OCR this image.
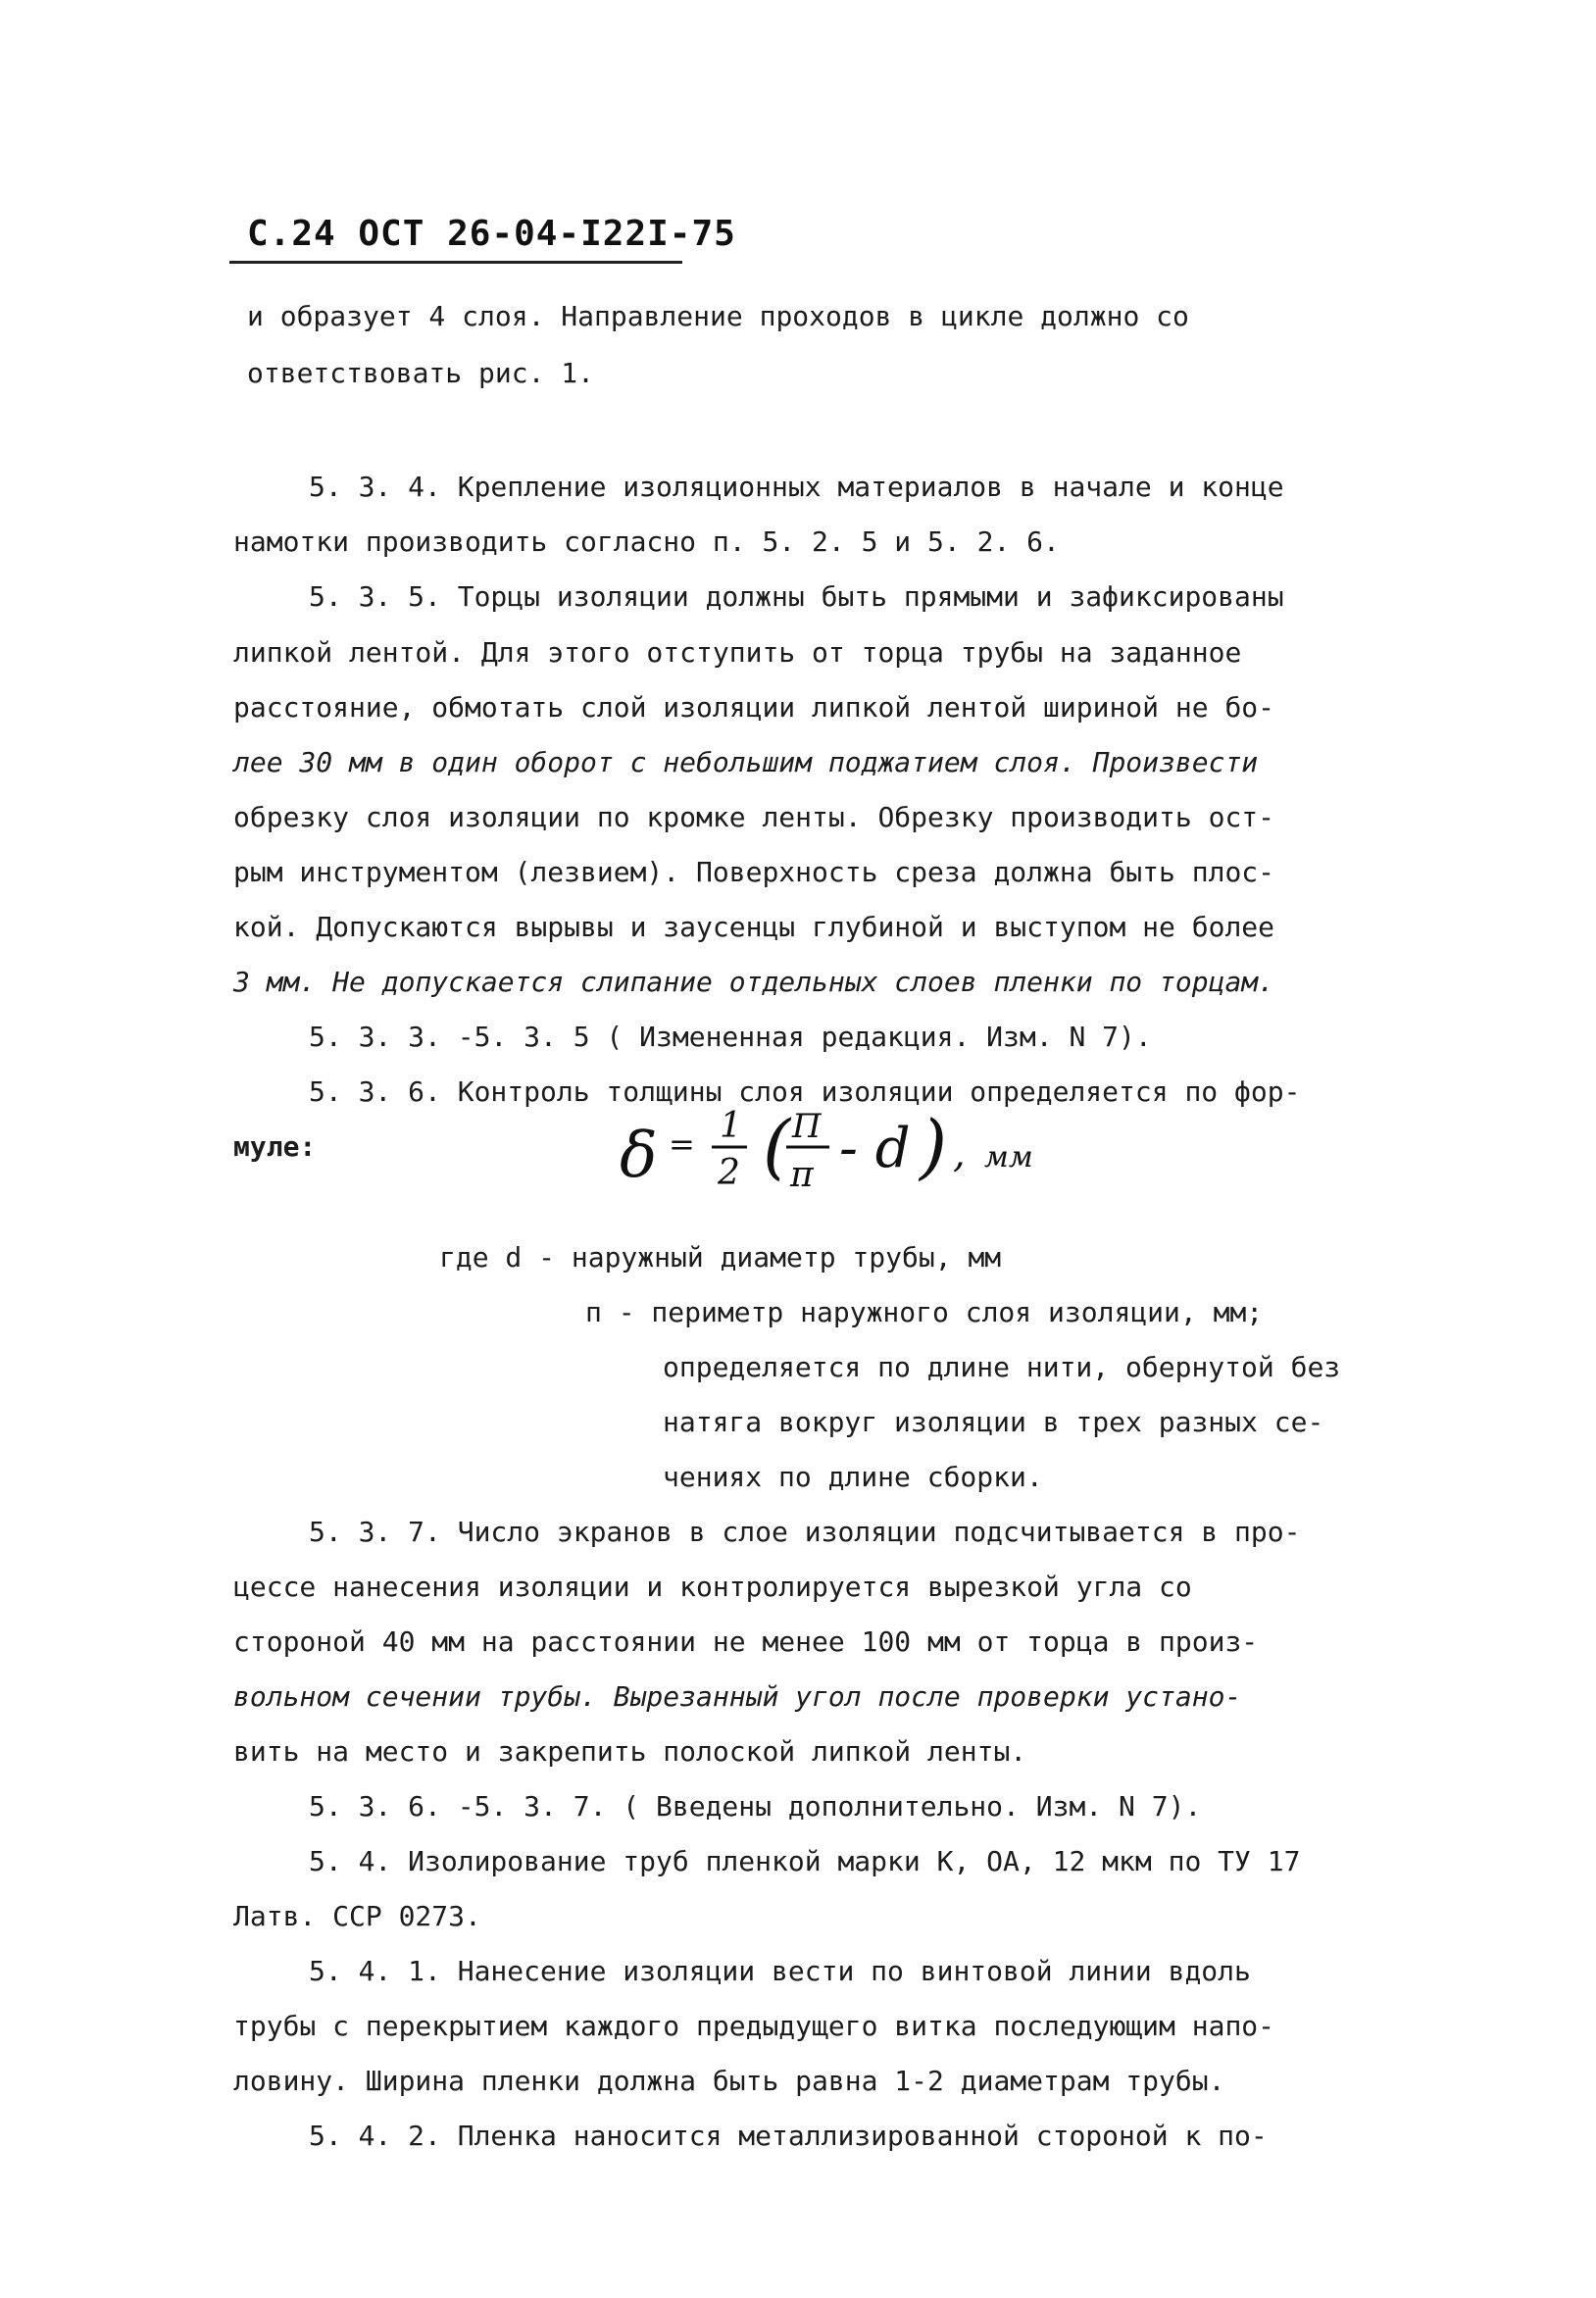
С.24 ОСТ 26-04-I22I-75
и образует 4 слоя. Направление проходов в цикле должно со
ответствовать рис. 1.
5. 3. 4. Крепление изоляционных материалов в начале и конце
намотки производить согласно п. 5. 2. 5 и 5. 2. 6.
5. 3. 5. Торцы изоляции должны быть прямыми и зафиксированы
липкой лентой. Для этого отступить от торца трубы на заданное
расстояние, обмотать слой изоляции липкой лентой шириной не бо-
лее 30 мм в один оборот с небольшим поджатием слоя. Произвести
обрезку слоя изоляции по кромке ленты. Обрезку производить ост-
рым инструментом (лезвием). Поверхность среза должна быть плос-
кой. Допускаются вырывы и заусенцы глубиной и выступом не более
3 мм. Не допускается слипание отдельных слоев пленки по торцам.
5. 3. 3. -5. 3. 5 ( Измененная редакция. Изм. N 7).
5. 3. 6. Контроль толщины слоя изоляции определяется по фор-
муле:	δ = 1
2 ( П
π - d ) , мм
где d - наружный диаметр трубы, мм
п - периметр наружного слоя изоляции, мм;
определяется по длине нити, обернутой без
натяга вокруг изоляции в трех разных се-
чениях по длине сборки.
5. 3. 7. Число экранов в слое изоляции подсчитывается в про-
цессе нанесения изоляции и контролируется вырезкой угла со
стороной 40 мм на расстоянии не менее 100 мм от торца в произ-
вольном сечении трубы. Вырезанный угол после проверки устано-
вить на место и закрепить полоской липкой ленты.
5. 3. 6. -5. 3. 7. ( Введены дополнительно. Изм. N 7).
5. 4. Изолирование труб пленкой марки К, ОА, 12 мкм по ТУ 17
Латв. ССР 0273.
5. 4. 1. Нанесение изоляции вести по винтовой линии вдоль
трубы с перекрытием каждого предыдущего витка последующим напо-
ловину. Ширина пленки должна быть равна 1-2 диаметрам трубы.
5. 4. 2. Пленка наносится металлизированной стороной к по-
